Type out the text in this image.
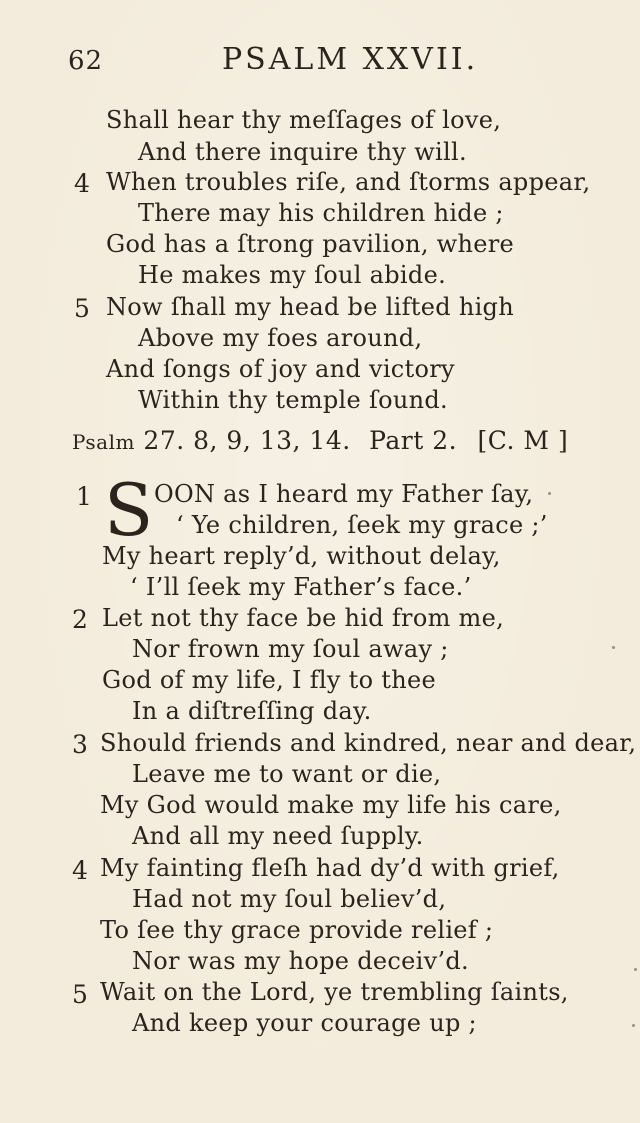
62	PSALM XXVII.
Shall hear thy meſſages of love,
And there inquire thy will.
4 When troubles riſe, and ſtorms appear,
There may his children hide ;
God has a ſtrong pavilion, where
He makes my ſoul abide.
5 Now ſhall my head be lifted high
Above my foes around,
And ſongs of joy and victory
Within thy temple ſound.
Psalm 27. 8, 9, 13, 14. Part 2. [C. M ]
1 S OON as I heard my Father ſay,
‘ Ye children, ſeek my grace ;’
My heart reply’d, without delay,
‘ I’ll ſeek my Father’s face.’
2 Let not thy face be hid from me,
Nor frown my ſoul away ;
God of my life, I fly to thee
In a diſtreſſing day.
3 Should friends and kindred, near and dear,
Leave me to want or die,
My God would make my life his care,
And all my need ſupply.
4 My fainting fleſh had dy’d with grief,
Had not my ſoul believ’d,
To ſee thy grace provide relief ;
Nor was my hope deceiv’d.
5 Wait on the Lord, ye trembling ſaints,
And keep your courage up ;
